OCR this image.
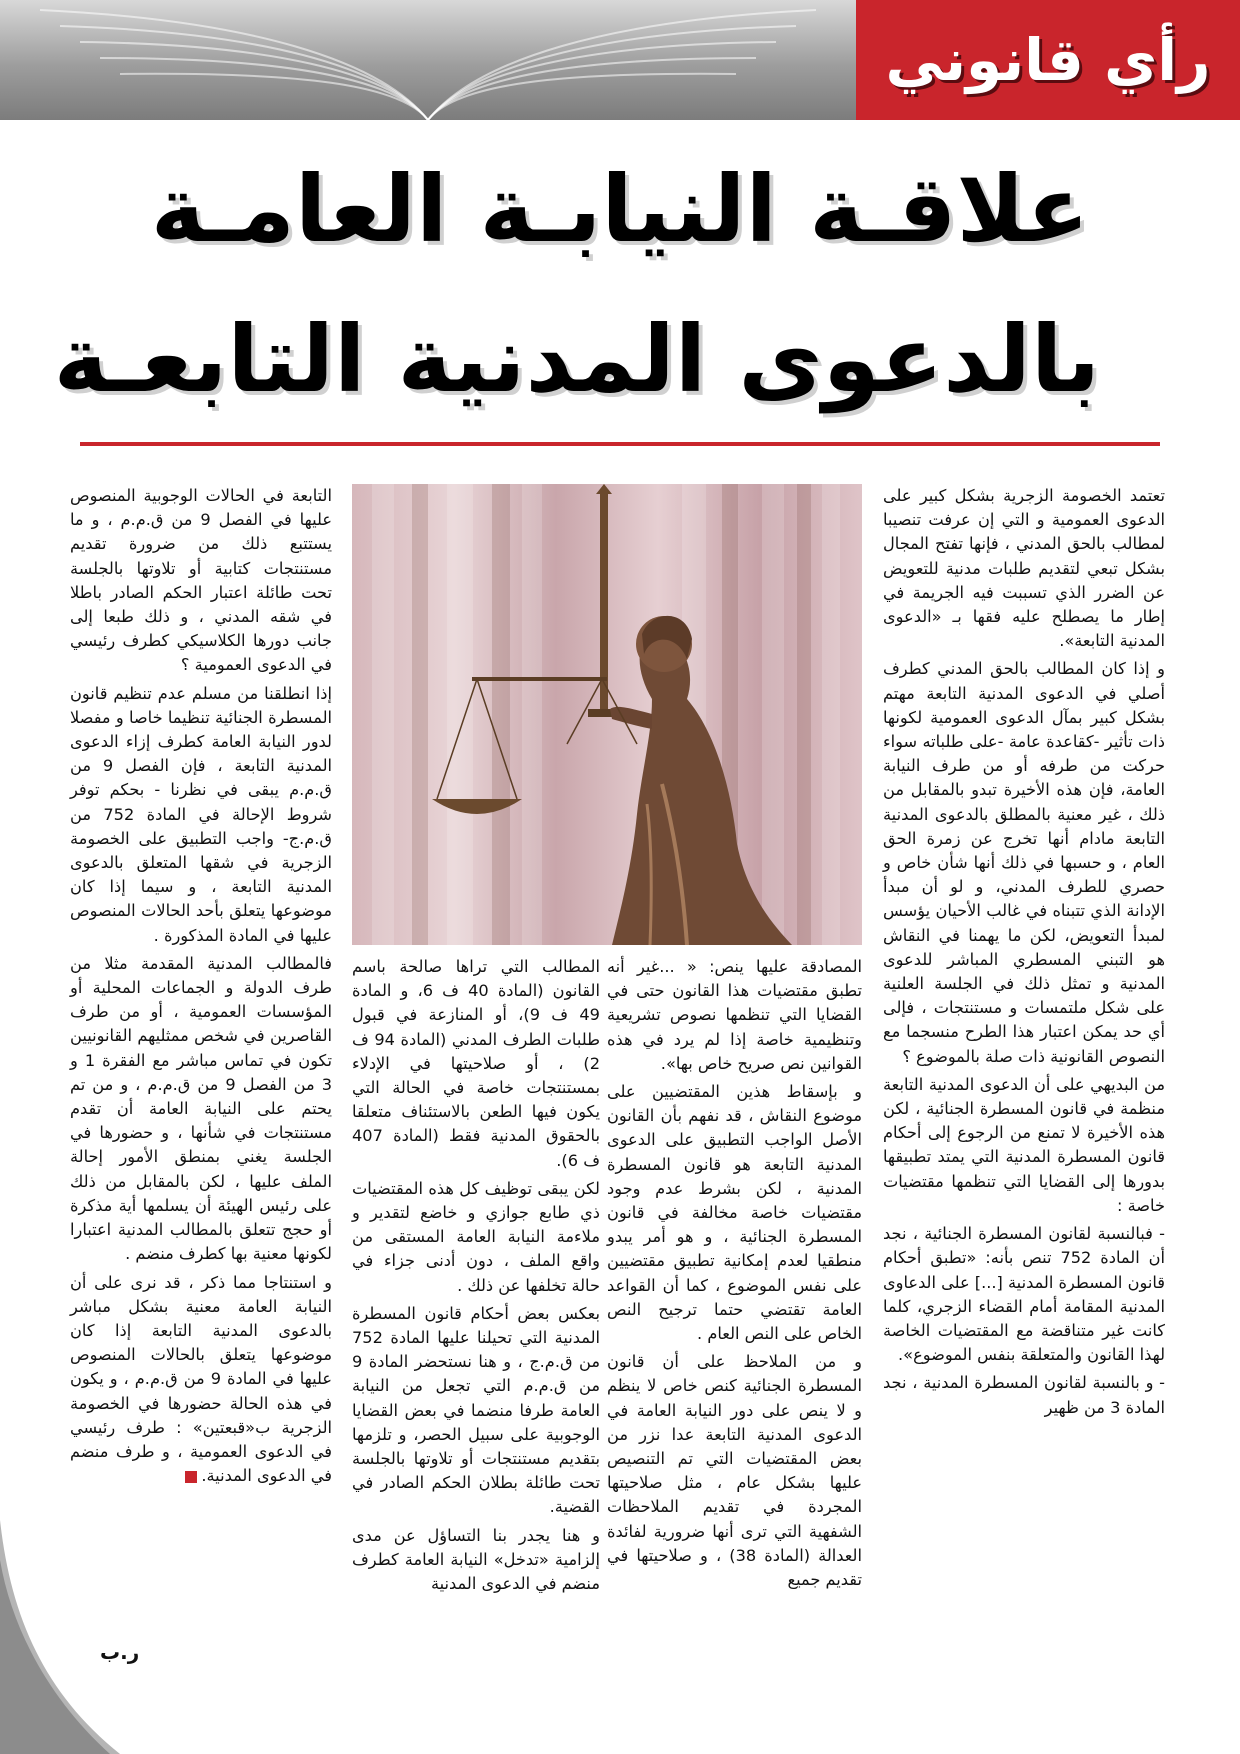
رأي قانوني
علاقـة النيابـة العامـة
بالدعوى المدنية التابعـة

تعتمد الخصومة الزجرية بشكل كبير على الدعوى العمومية و التي إن عرفت تنصيبا لمطالب بالحق المدني ، فإنها تفتح المجال بشكل تبعي لتقديم طلبات مدنية للتعويض عن الضرر الذي تسببت فيه الجريمة في إطار ما يصطلح عليه فقها بـ «الدعوى المدنية التابعة».

و إذا كان المطالب بالحق المدني كطرف أصلي في الدعوى المدنية التابعة مهتم بشكل كبير بمآل الدعوى العمومية لكونها ذات تأثير -كقاعدة عامة -على طلباته سواء حركت من طرفه أو من طرف النيابة العامة، فإن هذه الأخيرة تبدو بالمقابل من ذلك ، غير معنية بالمطلق بالدعوى المدنية التابعة مادام أنها تخرج عن زمرة الحق العام ، و حسبها في ذلك أنها شأن خاص و حصري للطرف المدني، و لو أن مبدأ الإدانة الذي تتبناه في غالب الأحيان يؤسس لمبدأ التعويض، لكن ما يهمنا في النقاش هو التبني المسطري المباشر للدعوى المدنية و تمثل ذلك في الجلسة العلنية على شكل ملتمسات و مستنتجات ، فإلى أي حد يمكن اعتبار هذا الطرح منسجما مع النصوص القانونية ذات صلة بالموضوع ؟

من البديهي على أن الدعوى المدنية التابعة منظمة في قانون المسطرة الجنائية ، لكن هذه الأخيرة لا تمنع من الرجوع إلى أحكام قانون المسطرة المدنية التي يمتد تطبيقها بدورها إلى القضايا التي تنظمها مقتضيات خاصة :

- فبالنسبة لقانون المسطرة الجنائية ، نجد أن المادة 752 تنص بأنه: «تطبق أحكام قانون المسطرة المدنية [...] على الدعاوى المدنية المقامة أمام القضاء الزجري، كلما كانت غير متناقضة مع المقتضيات الخاصة لهذا القانون والمتعلقة بنفس الموضوع».

- و بالنسبة لقانون المسطرة المدنية ، نجد المادة 3 من ظهير

المصادقة عليها ينص: « ...غير أنه تطبق مقتضيات هذا القانون حتى في القضايا التي تنظمها نصوص تشريعية وتنظيمية خاصة إذا لم يرد في هذه القوانين نص صريح خاص بها».

و بإسقاط هذين المقتضيين على موضوع النقاش ، قد نفهم بأن القانون الأصل الواجب التطبيق على الدعوى المدنية التابعة هو قانون المسطرة المدنية ، لكن بشرط عدم وجود مقتضيات خاصة مخالفة في قانون المسطرة الجنائية ، و هو أمر يبدو منطقيا لعدم إمكانية تطبيق مقتضيين على نفس الموضوع ، كما أن القواعد العامة تقتضي حتما ترجيح النص الخاص على النص العام .

و من الملاحظ على أن قانون المسطرة الجنائية كنص خاص لا ينظم و لا ينص على دور النيابة العامة في الدعوى المدنية التابعة عدا نزر من بعض المقتضيات التي تم التنصيص عليها بشكل عام ، مثل صلاحيتها المجردة في تقديم الملاحظات الشفهية التي ترى أنها ضرورية لفائدة العدالة (المادة 38) ، و صلاحيتها في تقديم جميع

المطالب التي تراها صالحة باسم القانون (المادة 40 ف 6، و المادة 49 ف 9)، أو المنازعة في قبول طلبات الطرف المدني (المادة 94 ف 2) ، أو صلاحيتها في الإدلاء بمستنتجات خاصة في الحالة التي يكون فيها الطعن بالاستئناف متعلقا بالحقوق المدنية فقط (المادة 407 ف 6).

لكن يبقى توظيف كل هذه المقتضيات ذي طابع جوازي و خاضع لتقدير و ملاءمة النيابة العامة المستقى من واقع الملف ، دون أدنى جزاء في حالة تخلفها عن ذلك .

بعكس بعض أحكام قانون المسطرة المدنية التي تحيلنا عليها المادة 752 من ق.م.ج ، و هنا نستحضر المادة 9 من ق.م.م التي تجعل من النيابة العامة طرفا منضما في بعض القضايا الوجوبية على سبيل الحصر، و تلزمها بتقديم مستنتجات أو تلاوتها بالجلسة تحت طائلة بطلان الحكم الصادر في القضية.

و هنا يجدر بنا التساؤل عن مدى إلزامية «تدخل» النيابة العامة كطرف منضم في الدعوى المدنية

التابعة في الحالات الوجوبية المنصوص عليها في الفصل 9 من ق.م.م ، و ما يستتبع ذلك من ضرورة تقديم مستنتجات كتابية أو تلاوتها بالجلسة تحت طائلة اعتبار الحكم الصادر باطلا في شقه المدني ، و ذلك طبعا إلى جانب دورها الكلاسيكي كطرف رئيسي في الدعوى العمومية ؟

إذا انطلقنا من مسلم عدم تنظيم قانون المسطرة الجنائية تنظيما خاصا و مفصلا لدور النيابة العامة كطرف إزاء الدعوى المدنية التابعة ، فإن الفصل 9 من ق.م.م يبقى في نظرنا - بحكم توفر شروط الإحالة في المادة 752 من ق.م.ج- واجب التطبيق على الخصومة الزجرية في شقها المتعلق بالدعوى المدنية التابعة ، و سيما إذا كان موضوعها يتعلق بأحد الحالات المنصوص عليها في المادة المذكورة .

فالمطالب المدنية المقدمة مثلا من طرف الدولة و الجماعات المحلية أو المؤسسات العمومية ، أو من طرف القاصرين في شخص ممثليهم القانونيين تكون في تماس مباشر مع الفقرة 1 و 3 من الفصل 9 من ق.م.م ، و من تم يحتم على النيابة العامة أن تقدم مستنتجات في شأنها ، و حضورها في الجلسة يغني بمنطق الأمور إحالة الملف عليها ، لكن بالمقابل من ذلك على رئيس الهيئة أن يسلمها أية مذكرة أو حجج تتعلق بالمطالب المدنية اعتبارا لكونها معنية بها كطرف منضم .

و استنتاجا مما ذكر ، قد نرى على أن النيابة العامة معنية بشكل مباشر بالدعوى المدنية التابعة إذا كان موضوعها يتعلق بالحالات المنصوص عليها في المادة 9 من ق.م.م ، و يكون في هذه الحالة حضورها في الخصومة الزجرية ب«قبعتين» : طرف رئيسي في الدعوى العمومية ، و طرف منضم في الدعوى المدنية.

ر.ب
